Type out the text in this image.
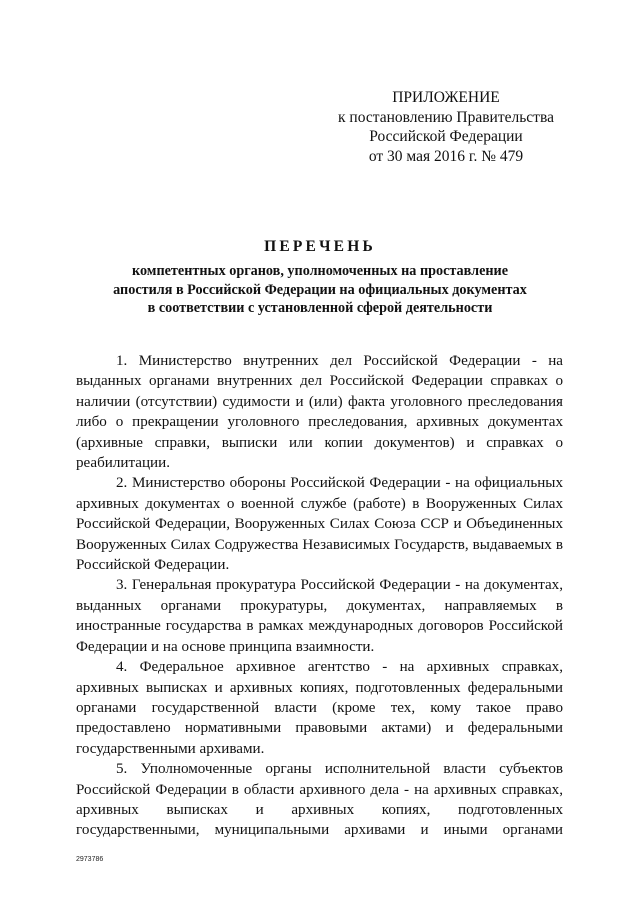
ПРИЛОЖЕНИЕ
к постановлению Правительства
Российской Федерации
от 30 мая 2016 г. № 479
ПЕРЕЧЕНЬ
компетентных органов, уполномоченных на проставление
апостиля в Российской Федерации на официальных документах
в соответствии с установленной сферой деятельности

1. Министерство внутренних дел Российской Федерации - на выданных органами внутренних дел Российской Федерации справках о наличии (отсутствии) судимости и (или) факта уголовного преследования либо о прекращении уголовного преследования, архивных документах (архивные справки, выписки или копии документов) и справках о реабилитации.

2. Министерство обороны Российской Федерации - на официальных архивных документах о военной службе (работе) в Вооруженных Силах Российской Федерации, Вооруженных Силах Союза ССР и Объединенных Вооруженных Силах Содружества Независимых Государств, выдаваемых в Российской Федерации.

3. Генеральная прокуратура Российской Федерации - на документах, выданных органами прокуратуры, документах, направляемых в иностранные государства в рамках международных договоров Российской Федерации и на основе принципа взаимности.

4. Федеральное архивное агентство - на архивных справках, архивных выписках и архивных копиях, подготовленных федеральными органами государственной власти (кроме тех, кому такое право предоставлено нормативными правовыми актами) и федеральными государственными архивами.

5. Уполномоченные органы исполнительной власти субъектов Российской Федерации в области архивного дела - на архивных справках, архивных выписках и архивных копиях, подготовленных государственными, муниципальными архивами и иными органами

2973786
